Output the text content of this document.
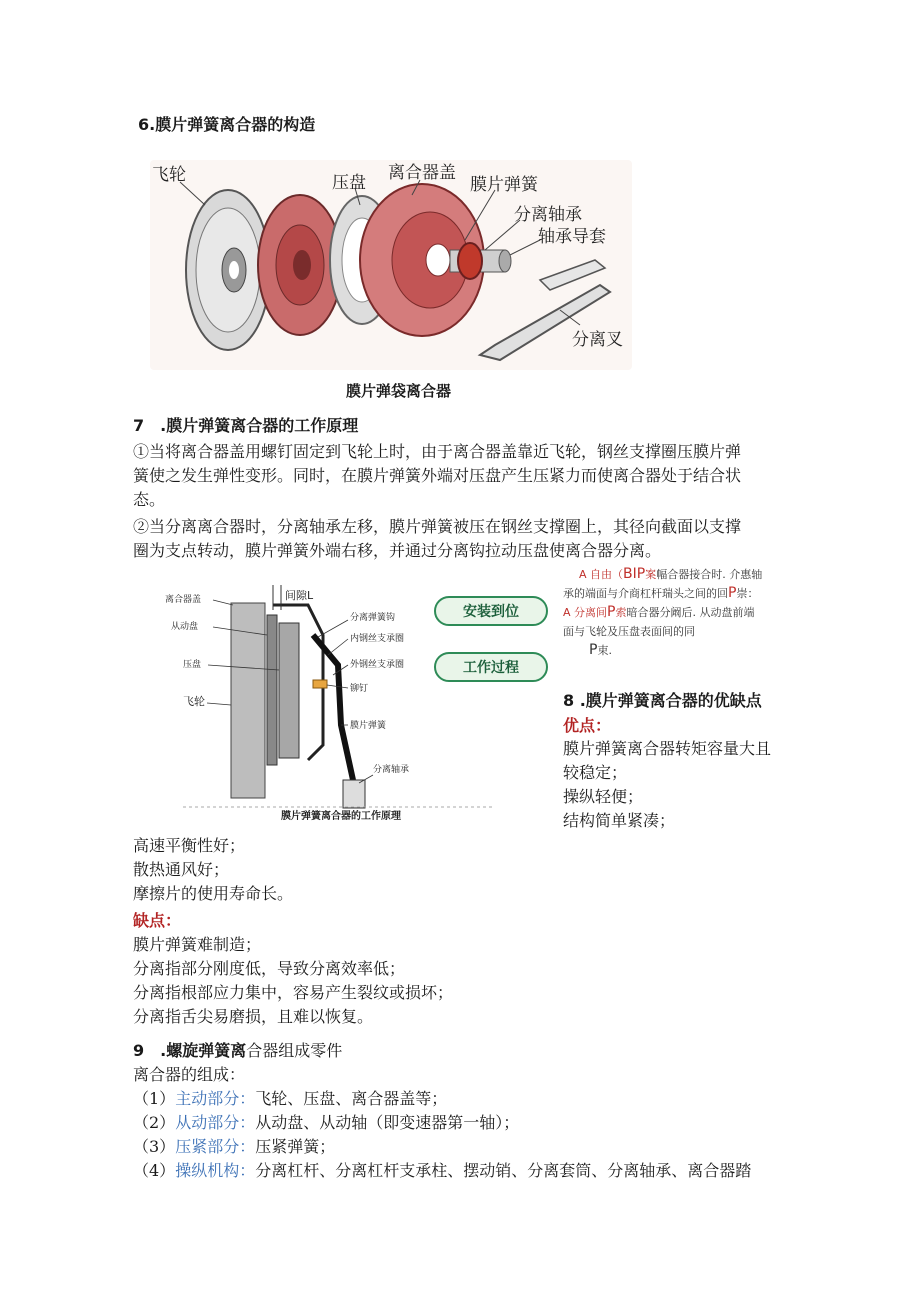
6.膜片弹簧离合器的构造
飞轮	压盘 离合器盖
膜片弹簧
分离轴承
轴承导套
分离叉
膜片弹袋离合器
7　.膜片弹簧离合器的工作原理
①当将离合器盖用螺钉固定到飞轮上时，由于离合器盖靠近飞轮，钢丝支撑圈压膜片弹
簧使之发生弹性变形。同时，在膜片弹簧外端对压盘产生压紧力而使离合器处于结合状
态。
②当分离离合器时，分离轴承左移，膜片弹簧被压在钢丝支撑圈上，其径向截面以支撑
圈为支点转动，膜片弹簧外端右移，并通过分离钩拉动压盘使离合器分离。
离合器盖	间隙L
从动盘
压盘
飞轮
分离弹簧钩
内钢丝支承圈
外钢丝支承圈
铆钉
膜片弹簧
分离轴承
膜片弹簧离合器的工作原理
安装到位
工作过程
A 自由（BIP案幅合器接合时. 介惠轴
承的端面与介商杠杆瑞头之间的回P崇：
A 分离间P索暗合器分阚后. 从动盘前端
面与飞轮及压盘表面间的同
P束.
8 .膜片弹簧离合器的优缺点
优点：
膜片弹簧离合器转矩容量大且
较稳定；
操纵轻便；
结构简单紧凑；
高速平衡性好；
散热通风好；
摩擦片的使用寿命长。
缺点：
膜片弹簧难制造；
分离指部分刚度低，导致分离效率低；
分离指根部应力集中，容易产生裂纹或损坏；
分离指舌尖易磨损，且难以恢复。
9　.螺旋弹簧离合器组成零件
离合器的组成：
（1）主动部分：飞轮、压盘、离合器盖等；
（2）从动部分：从动盘、从动轴（即变速器第一轴）；
（3）压紧部分：压紧弹簧；
（4）操纵机构：分离杠杆、分离杠杆支承柱、摆动销、分离套筒、分离轴承、离合器踏
